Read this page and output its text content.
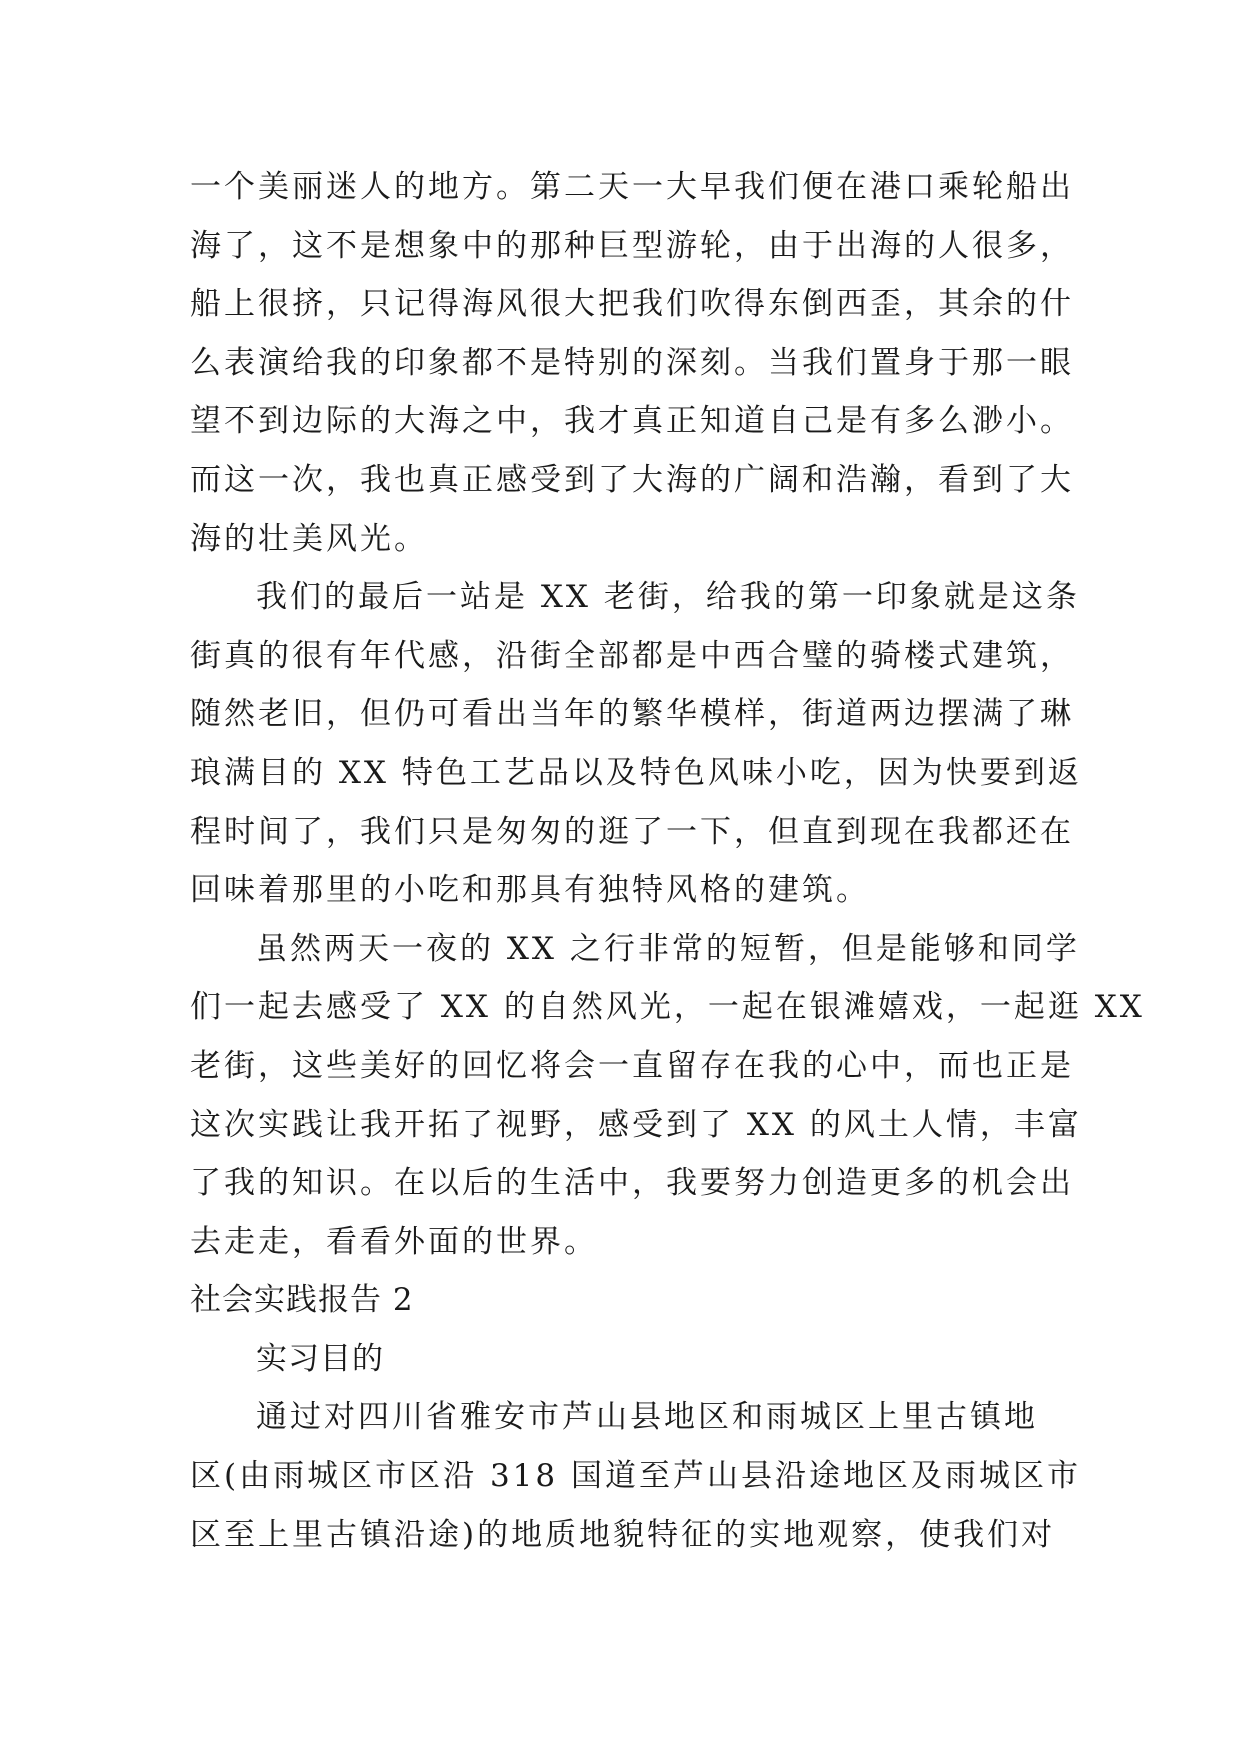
一个美丽迷人的地方。第二天一大早我们便在港口乘轮船出
海了，这不是想象中的那种巨型游轮，由于出海的人很多，
船上很挤，只记得海风很大把我们吹得东倒西歪，其余的什
么表演给我的印象都不是特别的深刻。当我们置身于那一眼
望不到边际的大海之中，我才真正知道自己是有多么渺小。
而这一次，我也真正感受到了大海的广阔和浩瀚，看到了大
海的壮美风光。
我们的最后一站是 XX 老街，给我的第一印象就是这条
街真的很有年代感，沿街全部都是中西合璧的骑楼式建筑，
随然老旧，但仍可看出当年的繁华模样，街道两边摆满了琳
琅满目的 XX 特色工艺品以及特色风味小吃，因为快要到返
程时间了，我们只是匆匆的逛了一下，但直到现在我都还在
回味着那里的小吃和那具有独特风格的建筑。
虽然两天一夜的 XX 之行非常的短暂，但是能够和同学
们一起去感受了 XX 的自然风光，一起在银滩嬉戏，一起逛 XX
老街，这些美好的回忆将会一直留存在我的心中，而也正是
这次实践让我开拓了视野，感受到了 XX 的风土人情，丰富
了我的知识。在以后的生活中，我要努力创造更多的机会出
去走走，看看外面的世界。
社会实践报告 2
实习目的
通过对四川省雅安市芦山县地区和雨城区上里古镇地
区(由雨城区市区沿 318 国道至芦山县沿途地区及雨城区市
区至上里古镇沿途)的地质地貌特征的实地观察，使我们对
